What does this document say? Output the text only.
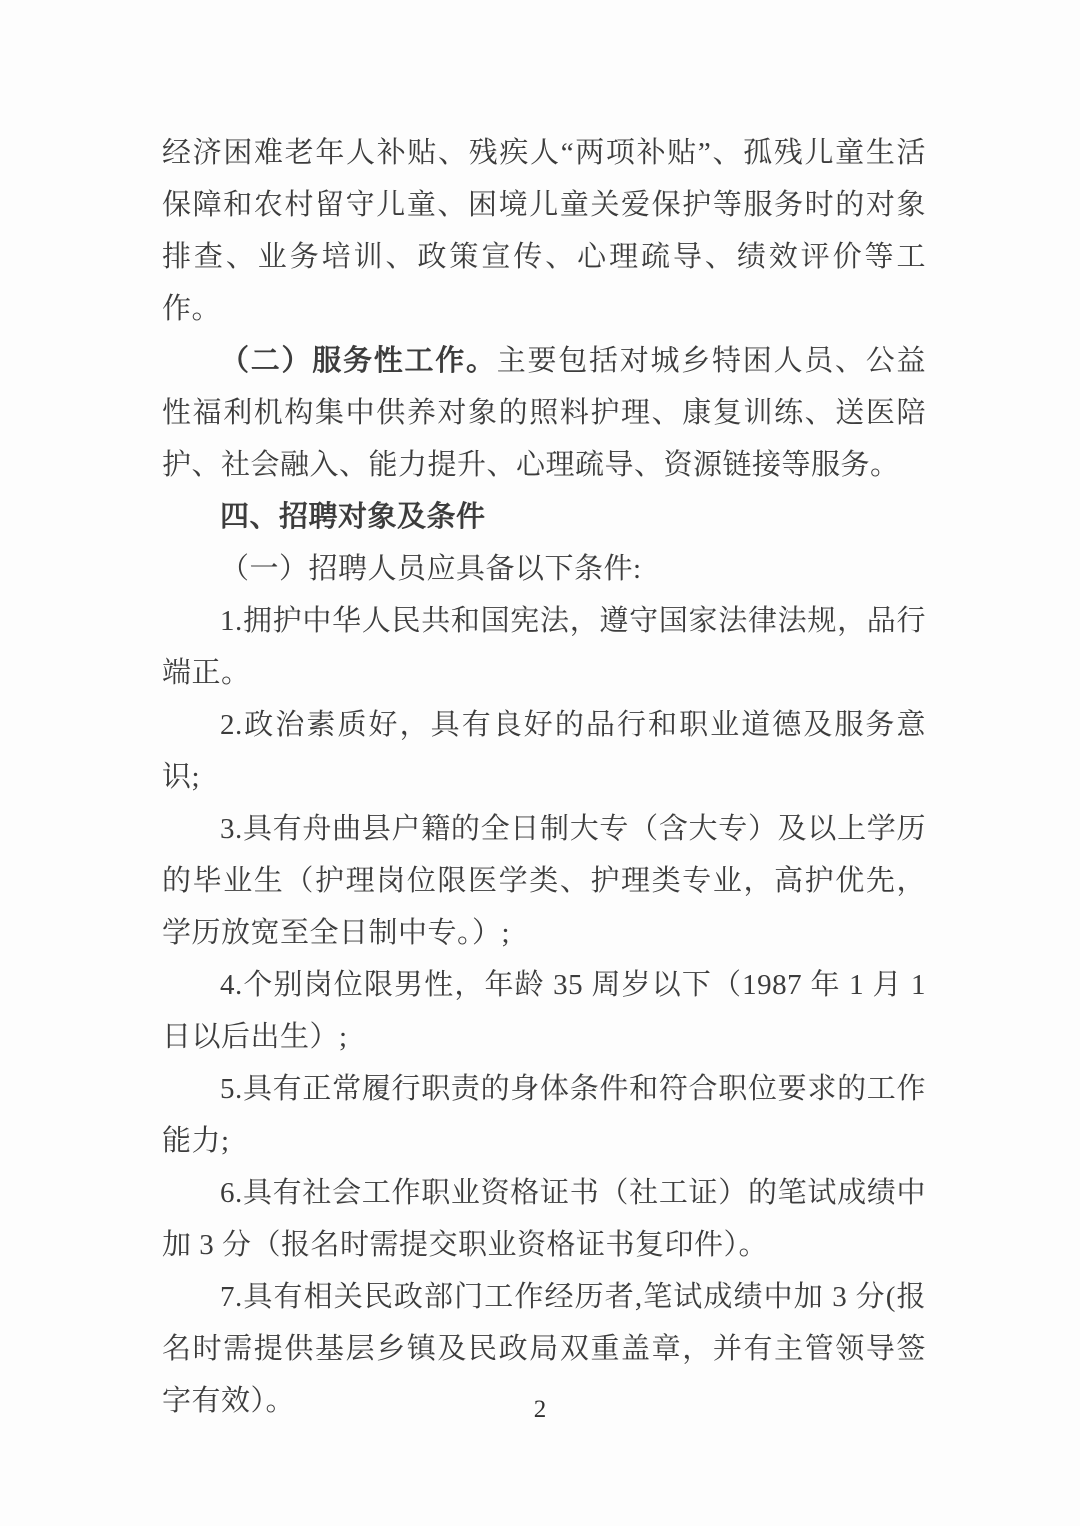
经济困难老年人补贴、残疾人“两项补贴”、孤残儿童生活保障和农村留守儿童、困境儿童关爱保护等服务时的对象排查、业务培训、政策宣传、心理疏导、绩效评价等工作。

（二）服务性工作。主要包括对城乡特困人员、公益性福利机构集中供养对象的照料护理、康复训练、送医陪护、社会融入、能力提升、心理疏导、资源链接等服务。

四、招聘对象及条件

（一）招聘人员应具备以下条件:

1.拥护中华人民共和国宪法，遵守国家法律法规，品行端正。

2.政治素质好，具有良好的品行和职业道德及服务意识;

3.具有舟曲县户籍的全日制大专（含大专）及以上学历的毕业生（护理岗位限医学类、护理类专业，高护优先，学历放宽至全日制中专。）;

4.个别岗位限男性，年龄 35 周岁以下（1987 年 1 月 1 日以后出生）;

5.具有正常履行职责的身体条件和符合职位要求的工作能力;

6.具有社会工作职业资格证书（社工证）的笔试成绩中加 3 分（报名时需提交职业资格证书复印件）。

7.具有相关民政部门工作经历者,笔试成绩中加 3 分(报名时需提供基层乡镇及民政局双重盖章，并有主管领导签字有效）。	2
